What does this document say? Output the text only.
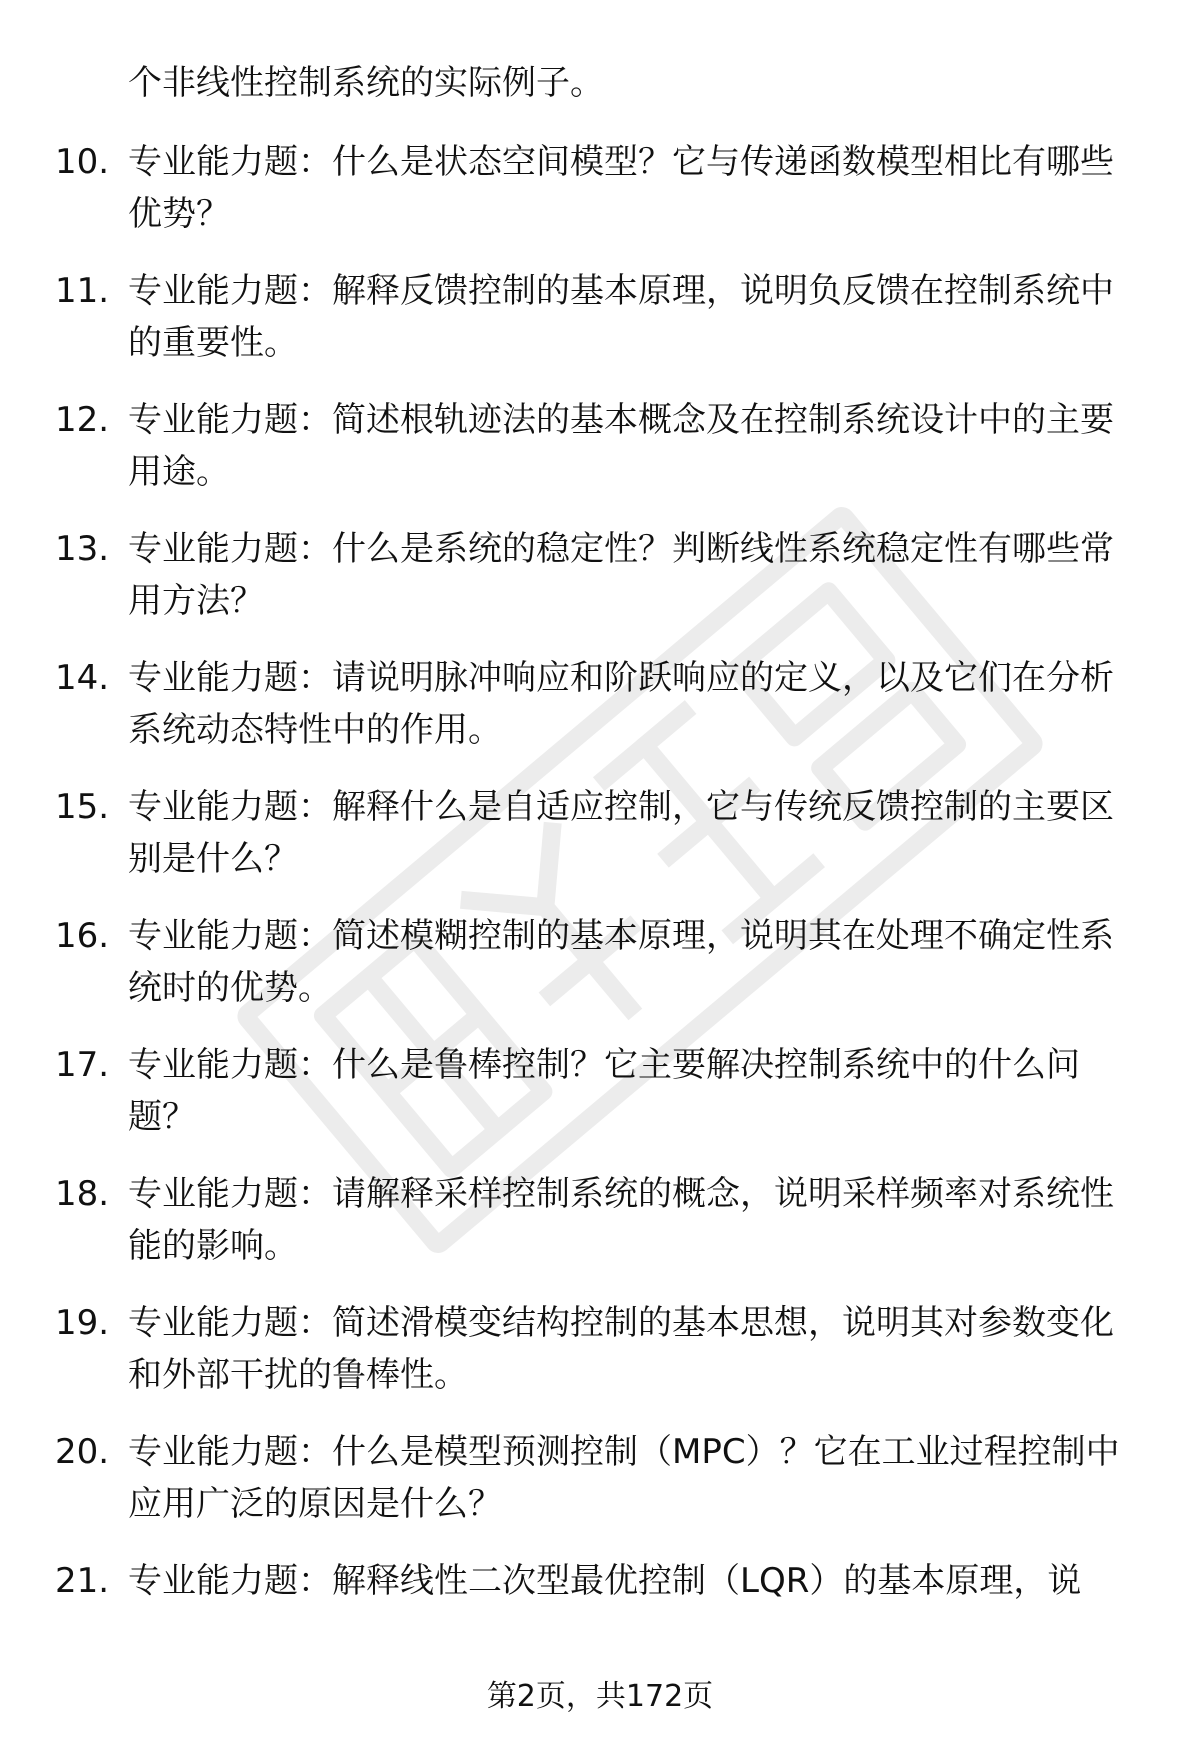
个非线性控制系统的实际例子。

10. 专业能力题：什么是状态空间模型？它与传递函数模型相比有哪些优势？
11. 专业能力题：解释反馈控制的基本原理，说明负反馈在控制系统中的重要性。
12. 专业能力题：简述根轨迹法的基本概念及在控制系统设计中的主要用途。
13. 专业能力题：什么是系统的稳定性？判断线性系统稳定性有哪些常用方法？
14. 专业能力题：请说明脉冲响应和阶跃响应的定义，以及它们在分析系统动态特性中的作用。
15. 专业能力题：解释什么是自适应控制，它与传统反馈控制的主要区别是什么？
16. 专业能力题：简述模糊控制的基本原理，说明其在处理不确定性系统时的优势。
17. 专业能力题：什么是鲁棒控制？它主要解决控制系统中的什么问题？
18. 专业能力题：请解释采样控制系统的概念，说明采样频率对系统性能的影响。
19. 专业能力题：简述滑模变结构控制的基本思想，说明其对参数变化和外部干扰的鲁棒性。
20. 专业能力题：什么是模型预测控制（MPC）？它在工业过程控制中应用广泛的原因是什么？
21. 专业能力题：解释线性二次型最优控制（LQR）的基本原理，说
第2页，共172页
